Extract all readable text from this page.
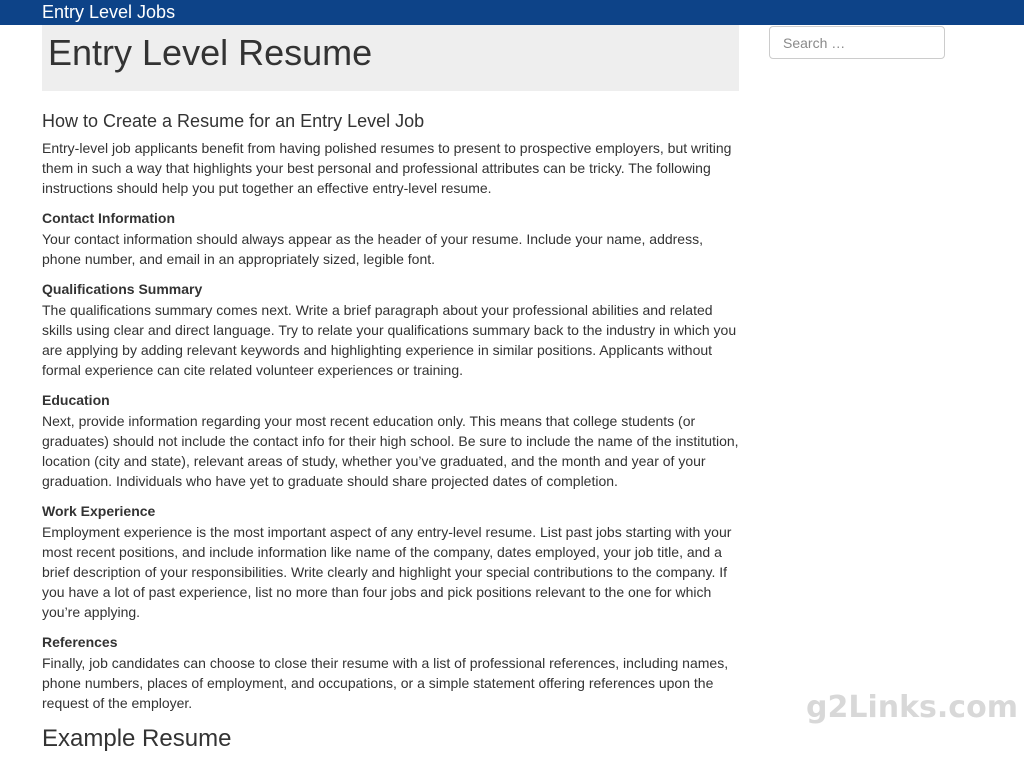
Entry Level Jobs
Search …
Entry Level Resume
How to Create a Resume for an Entry Level Job

Entry-level job applicants benefit from having polished resumes to present to prospective employers, but writing them in such a way that highlights your best personal and professional attributes can be tricky. The following instructions should help you put together an effective entry-level resume.

Contact Information

Your contact information should always appear as the header of your resume. Include your name, address, phone number, and email in an appropriately sized, legible font.

Qualifications Summary

The qualifications summary comes next. Write a brief paragraph about your professional abilities and related skills using clear and direct language. Try to relate your qualifications summary back to the industry in which you are applying by adding relevant keywords and highlighting experience in similar positions. Applicants without formal experience can cite related volunteer experiences or training.

Education

Next, provide information regarding your most recent education only. This means that college students (or graduates) should not include the contact info for their high school. Be sure to include the name of the institution, location (city and state), relevant areas of study, whether you’ve graduated, and the month and year of your graduation. Individuals who have yet to graduate should share projected dates of completion.

Work Experience

Employment experience is the most important aspect of any entry-level resume. List past jobs starting with your most recent positions, and include information like name of the company, dates employed, your job title, and a brief description of your responsibilities. Write clearly and highlight your special contributions to the company. If you have a lot of past experience, list no more than four jobs and pick positions relevant to the one for which you’re applying.

References

Finally, job candidates can choose to close their resume with a list of professional references, including names, phone numbers, places of employment, and occupations, or a simple statement offering references upon the request of the employer.

Example Resume
g2Links.com
